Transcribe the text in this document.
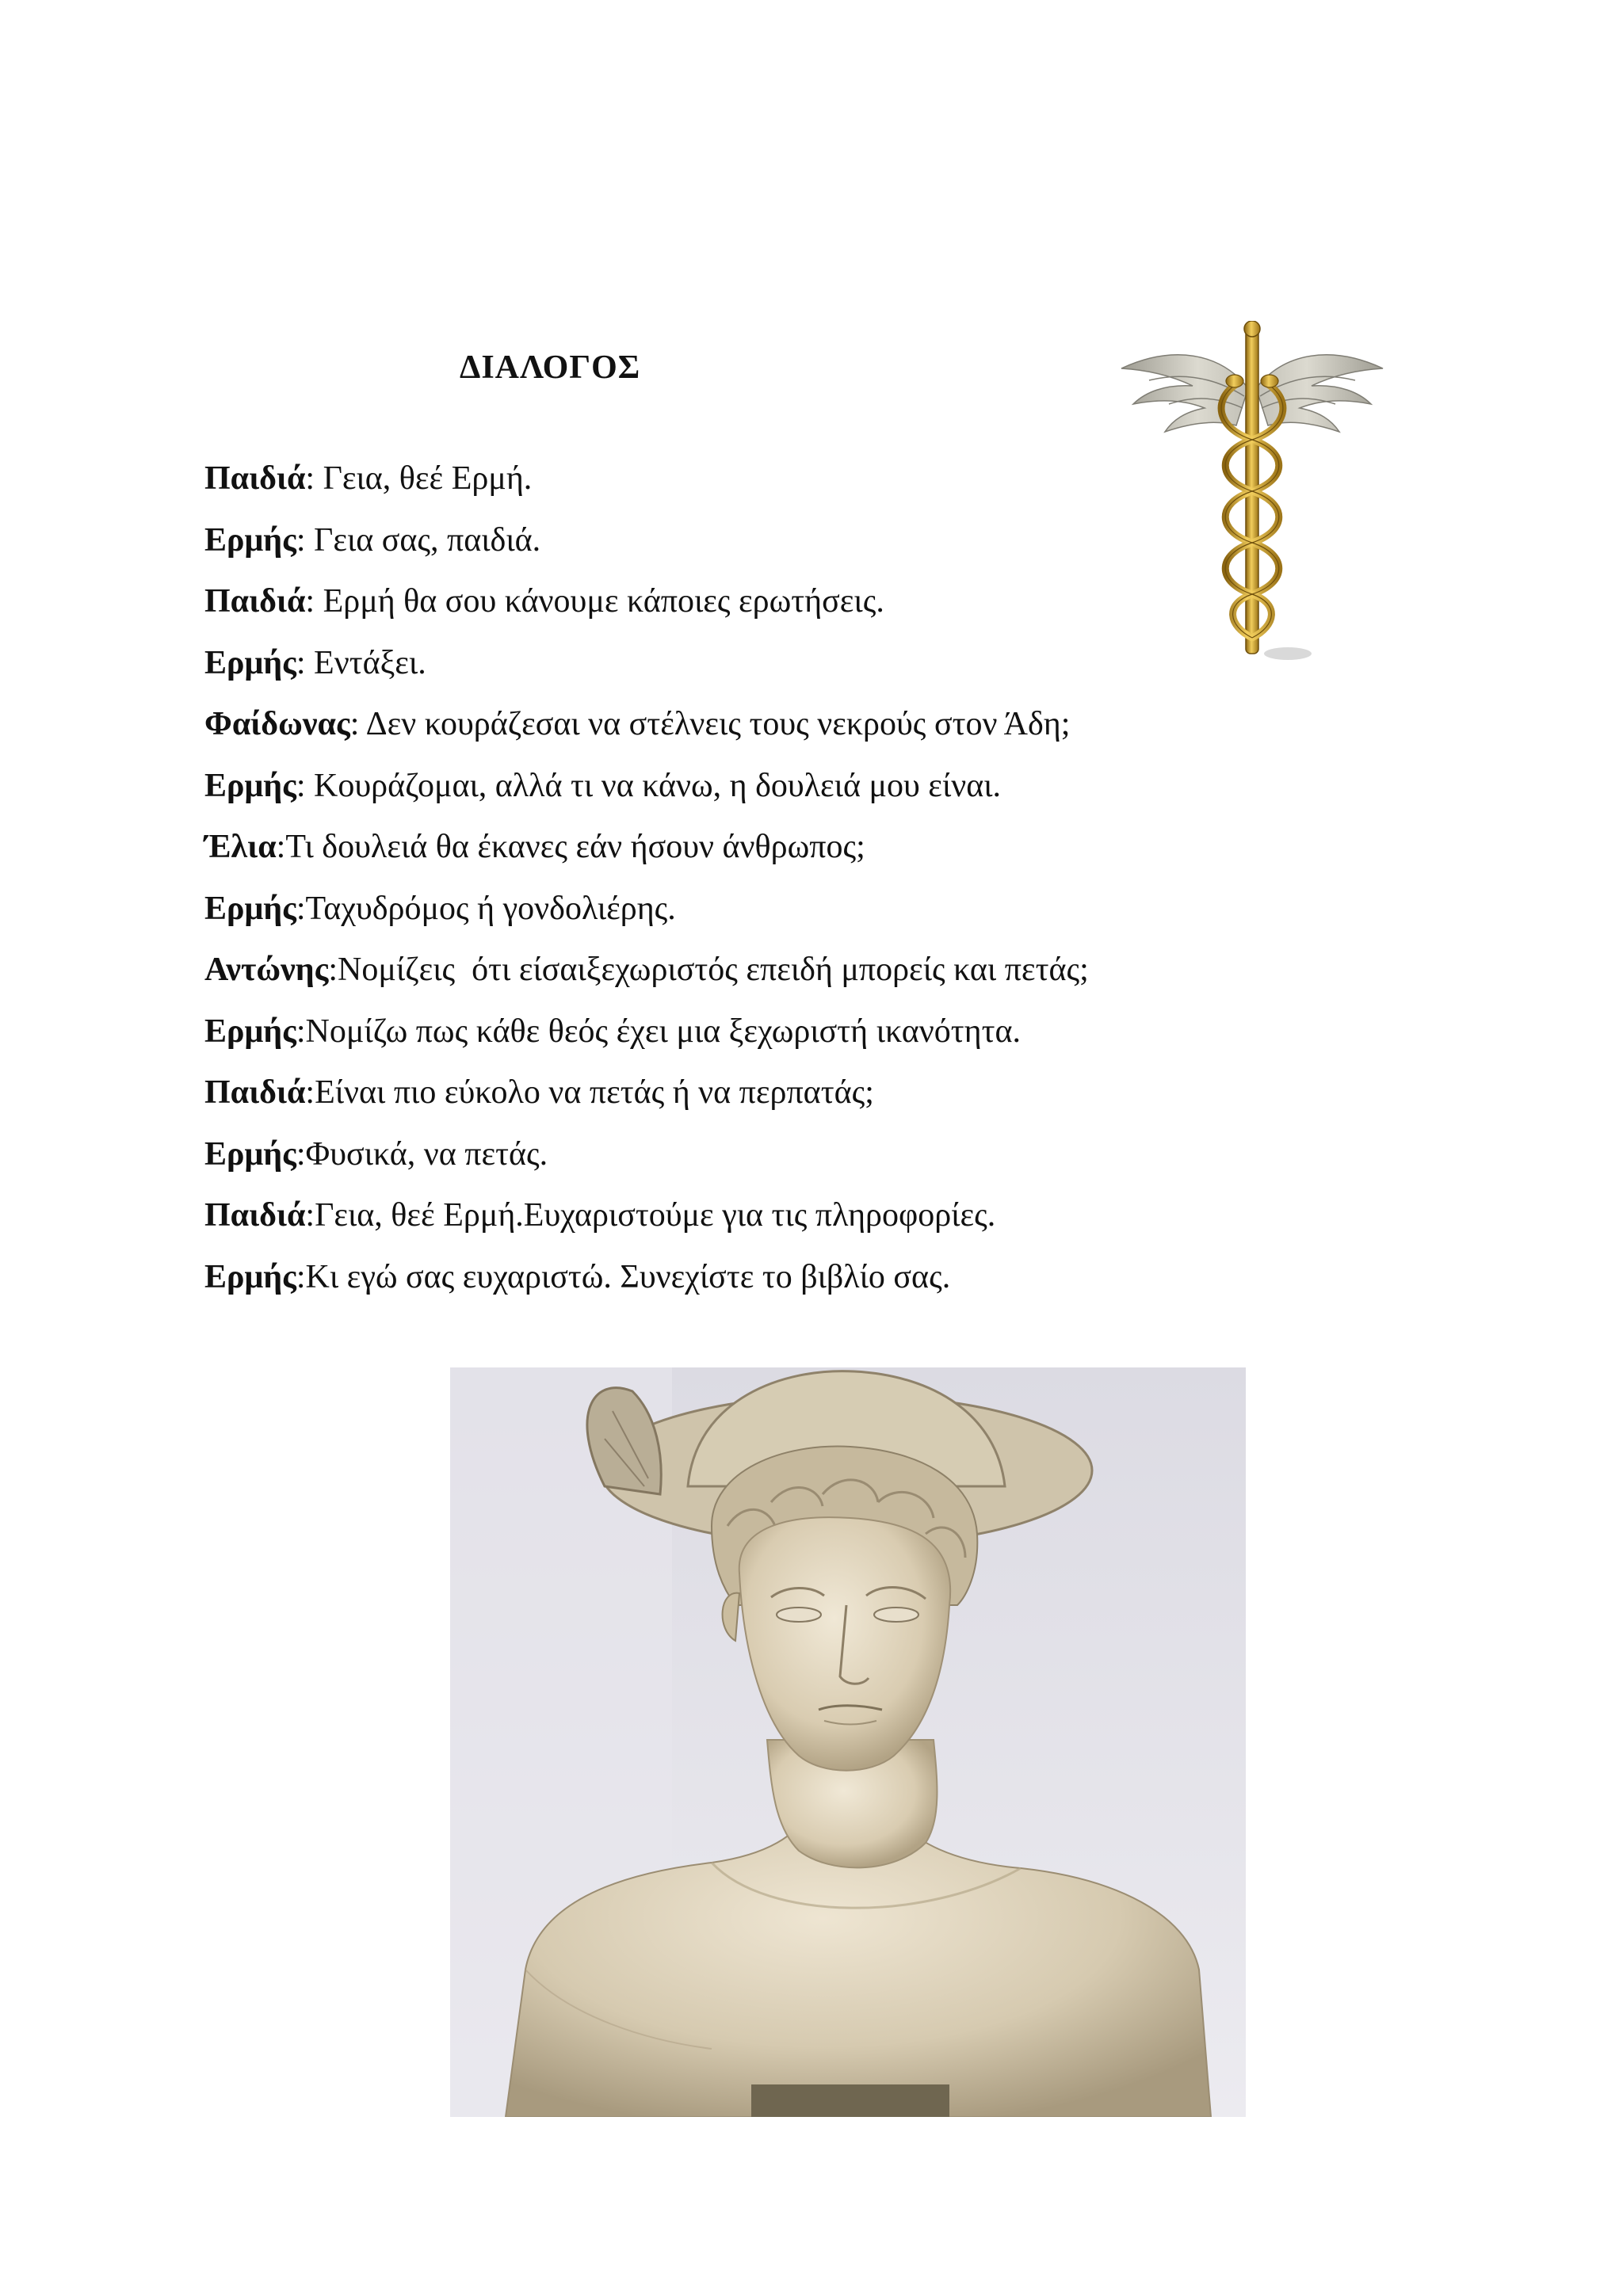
ΔΙΑΛΟΓΟΣ
Παιδιά: Γεια, θεέ Ερμή.
Ερμής: Γεια σας, παιδιά.
Παιδιά: Ερμή θα σου κάνουμε κάποιες ερωτήσεις.
Ερμής: Εντάξει.
Φαίδωνας: Δεν κουράζεσαι να στέλνεις τους νεκρούς στον Άδη;
Ερμής: Κουράζομαι, αλλά τι να κάνω, η δουλειά μου είναι.
Έλια:Τι δουλειά θα έκανες εάν ήσουν άνθρωπος;
Ερμής:Ταχυδρόμος ή γονδολιέρης.
Αντώνης:Νομίζεις  ότι είσαιξεχωριστός επειδή μπορείς και πετάς;
Ερμής:Νομίζω πως κάθε θεός έχει μια ξεχωριστή ικανότητα.
Παιδιά:Είναι πιο εύκολο να πετάς ή να περπατάς;
Ερμής:Φυσικά, να πετάς.
Παιδιά:Γεια, θεέ Ερμή.Ευχαριστούμε για τις πληροφορίες.
Ερμής:Κι εγώ σας ευχαριστώ. Συνεχίστε το βιβλίο σας.
